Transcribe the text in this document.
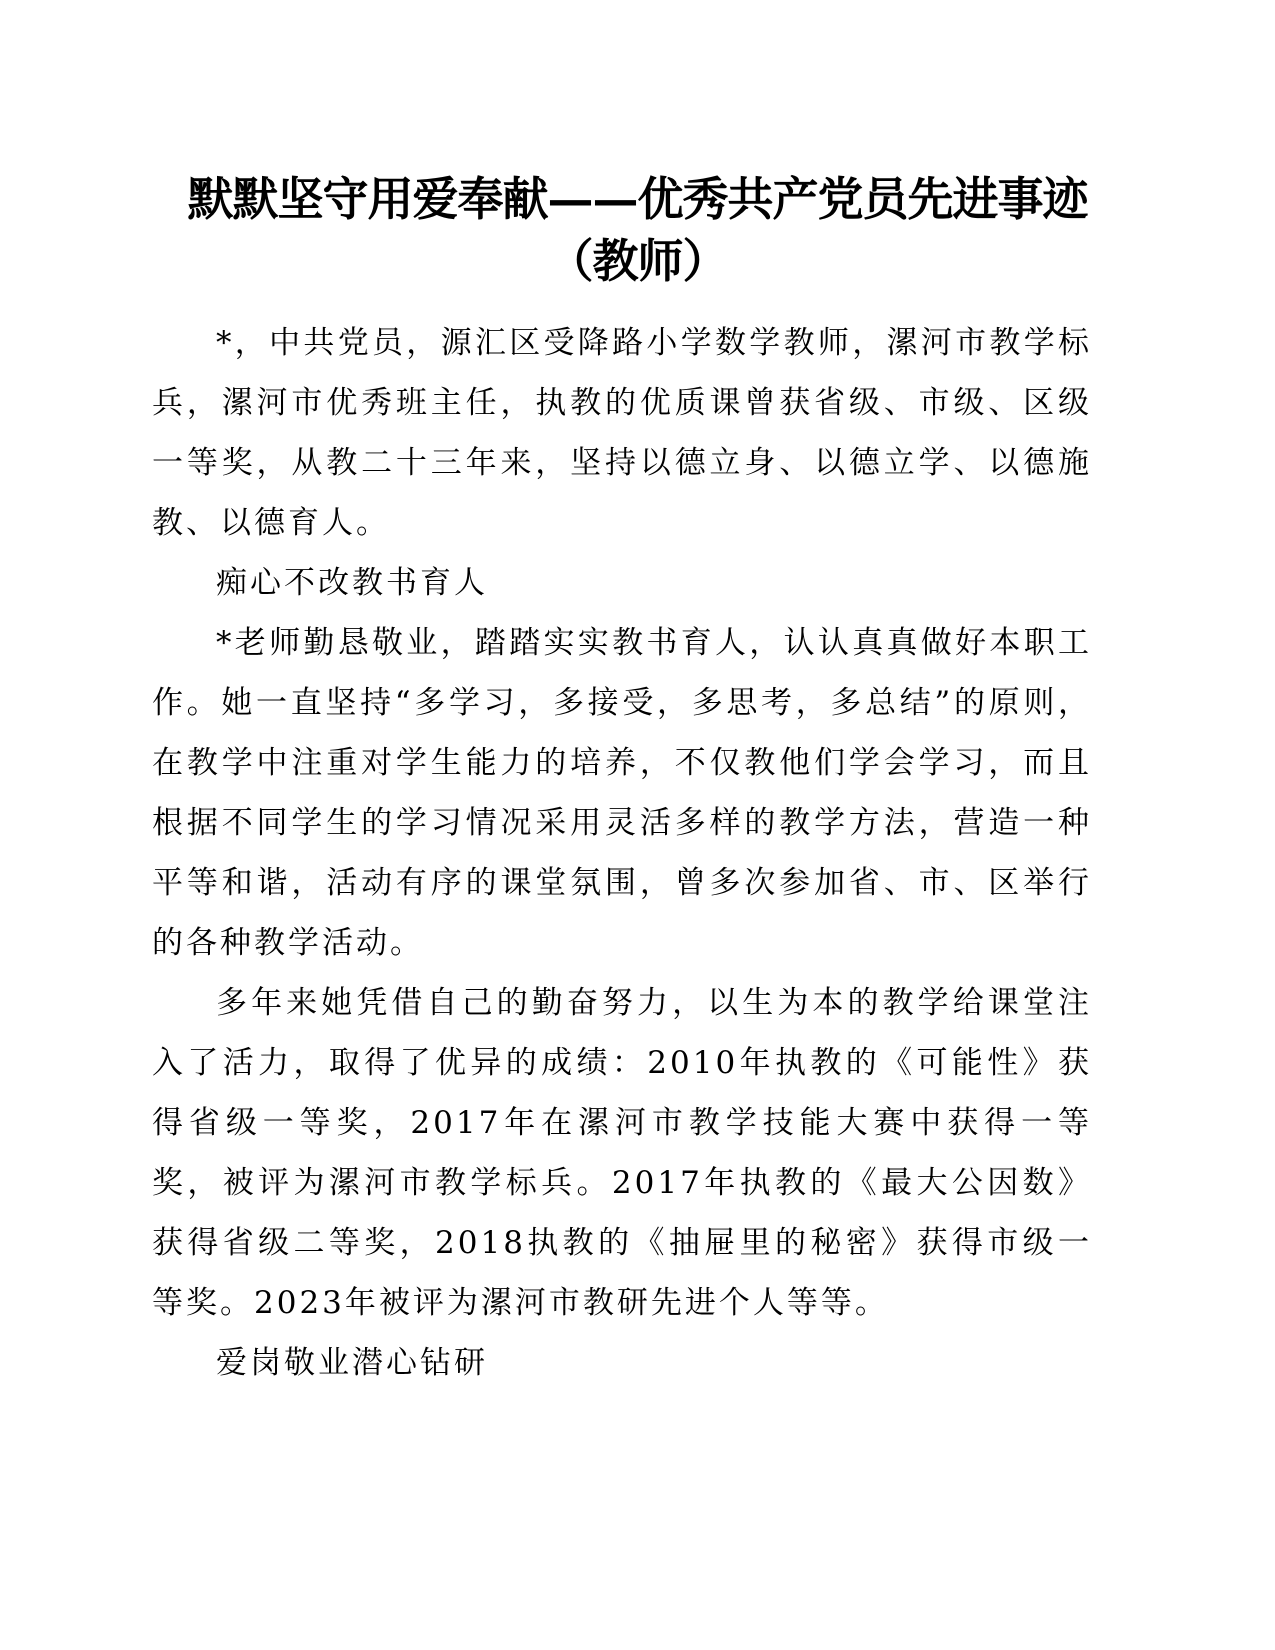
默默坚守用爱奉献——优秀共产党员先进事迹（教师）

*，中共党员，源汇区受降路小学数学教师，漯河市教学标兵，漯河市优秀班主任，执教的优质课曾获省级、市级、区级一等奖，从教二十三年来，坚持以德立身、以德立学、以德施教、以德育人。

痴心不改教书育人

*老师勤恳敬业，踏踏实实教书育人，认认真真做好本职工作。她一直坚持“多学习，多接受，多思考，多总结”的原则，在教学中注重对学生能力的培养，不仅教他们学会学习，而且根据不同学生的学习情况采用灵活多样的教学方法，营造一种平等和谐，活动有序的课堂氛围，曾多次参加省、市、区举行的各种教学活动。

多年来她凭借自己的勤奋努力，以生为本的教学给课堂注入了活力，取得了优异的成绩：2010年执教的《可能性》获得省级一等奖，2017年在漯河市教学技能大赛中获得一等奖，被评为漯河市教学标兵。2017年执教的《最大公因数》获得省级二等奖，2018执教的《抽屉里的秘密》获得市级一等奖。2023年被评为漯河市教研先进个人等等。

爱岗敬业潜心钻研
